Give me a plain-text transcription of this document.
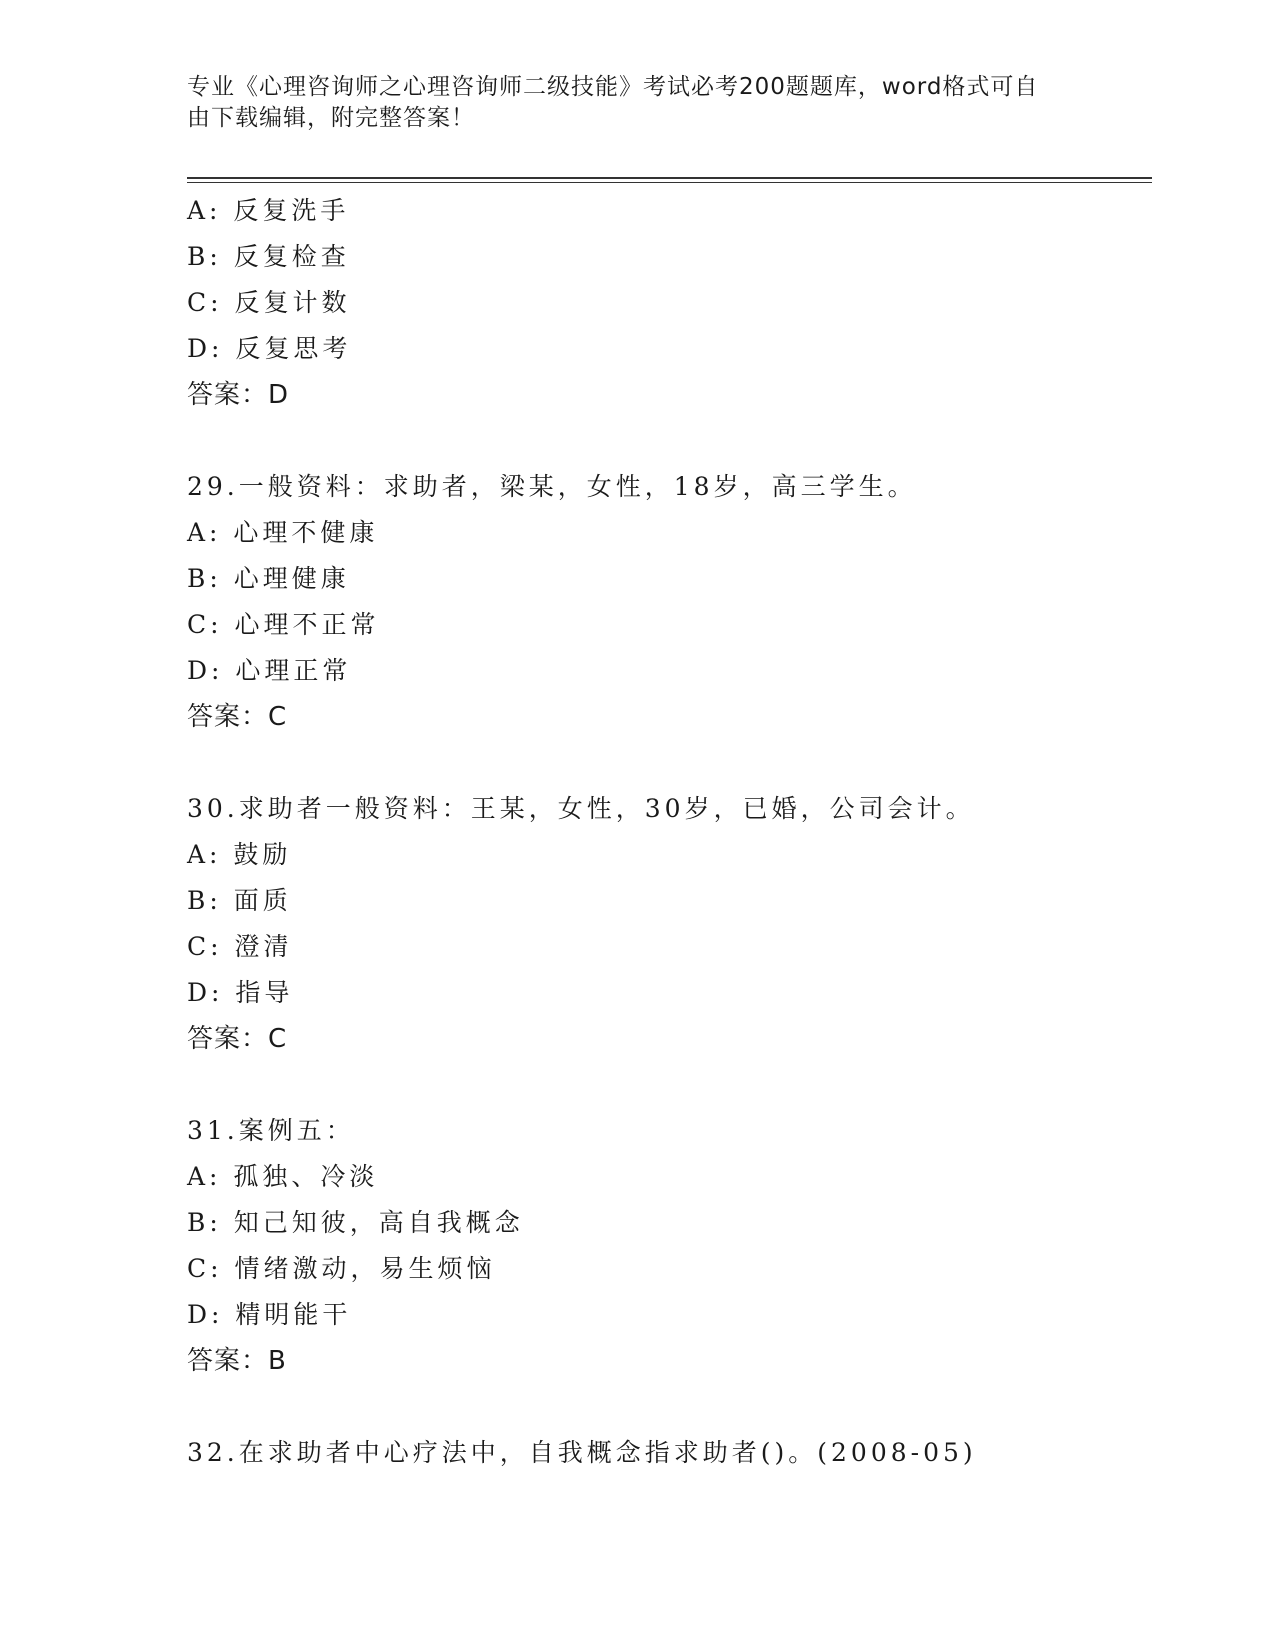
专业《心理咨询师之心理咨询师二级技能》考试必考200题题库，word格式可自
由下载编辑，附完整答案！
A: 反复洗手
B: 反复检查
C: 反复计数
D: 反复思考
答案：D
29.一般资料：求助者，梁某，女性，18岁，高三学生。
A: 心理不健康
B: 心理健康
C: 心理不正常
D: 心理正常
答案：C
30.求助者一般资料：王某，女性，30岁，已婚，公司会计。
A: 鼓励
B: 面质
C: 澄清
D: 指导
答案：C
31.案例五：
A: 孤独、冷淡
B: 知己知彼，高自我概念
C: 情绪激动，易生烦恼
D: 精明能干
答案：B
32.在求助者中心疗法中，自我概念指求助者()。(2008-05)
